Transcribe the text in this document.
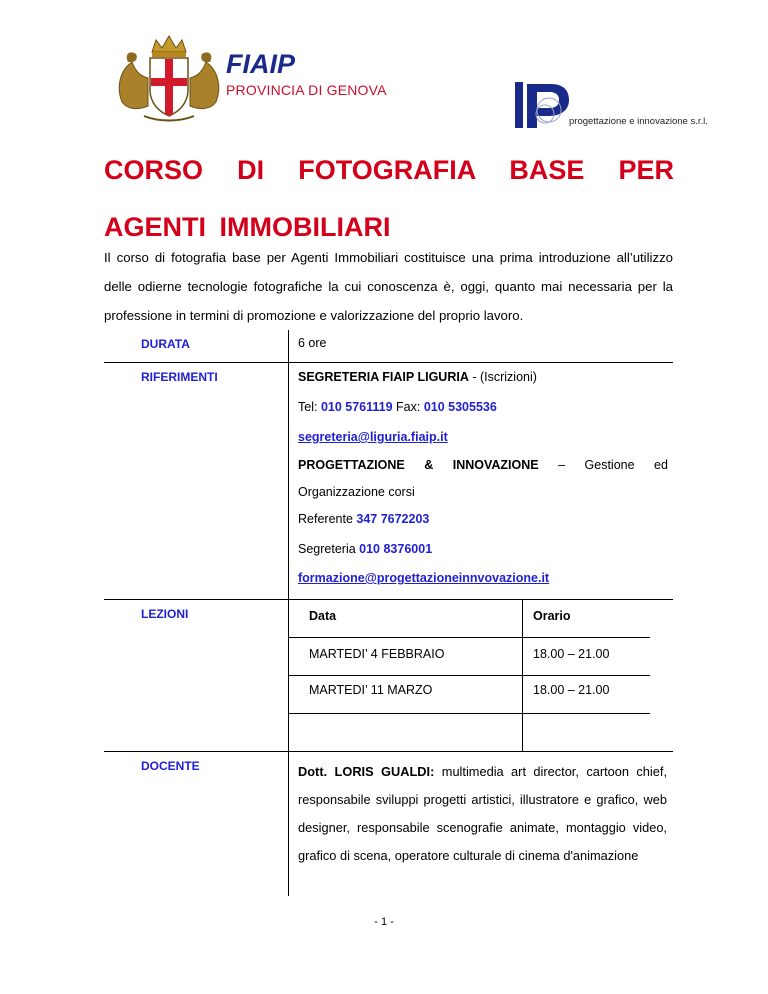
FIAIP
PROVINCIA DI GENOVA
progettazione e innovazione s.r.l.
CORSO DI FOTOGRAFIA BASE PER AGENTI IMMOBILIARI

Il corso di fotografia base per Agenti Immobiliari costituisce una prima introduzione all’utilizzo delle odierne tecnologie fotografiche la cui conoscenza è, oggi, quanto mai necessaria per la professione in termini di promozione e valorizzazione del proprio lavoro.

DURATA	6 ore
RIFERIMENTI	SEGRETERIA FIAIP LIGURIA - (Iscrizioni)
Tel: 010 5761119 Fax: 010 5305536
segreteria@liguria.fiaip.it
PROGETTAZIONE & INNOVAZIONE – Gestione ed
Organizzazione corsi
Referente 347 7672203
Segreteria 010 8376001
formazione@progettazioneinnvovazione.it
LEZIONI	Data	Orario
MARTEDI’ 4 FEBBRAIO	18.00 – 21.00
MARTEDI’ 11 MARZO	18.00 – 21.00
DOCENTE	Dott. LORIS GUALDI: multimedia art director, cartoon chief, responsabile sviluppi progetti artistici, illustratore e grafico, web designer, responsabile scenografie animate, montaggio video, grafico di scena, operatore culturale di cinema d'animazione

- 1 -
